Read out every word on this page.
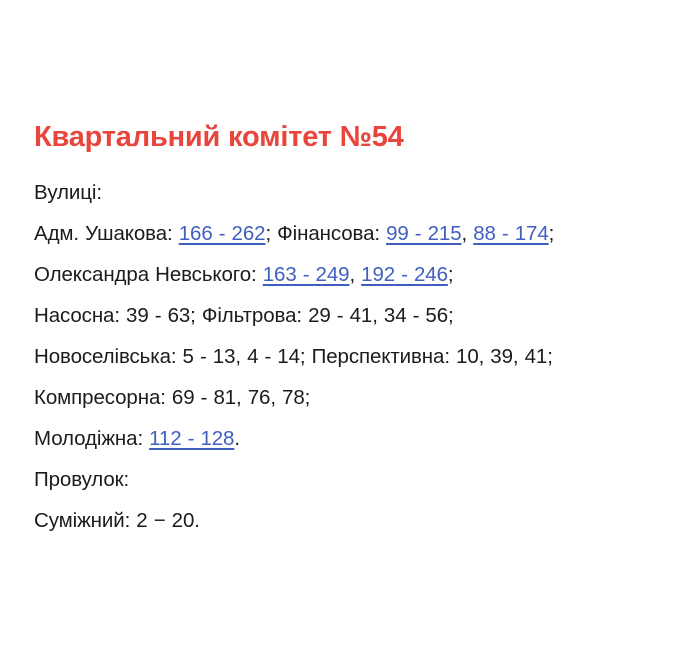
Квартальний комітет №54

Вулиці:

Адм. Ушакова: 166 - 262; Фінансова: 99 - 215, 88 - 174; Олександра Невського: 163 - 249, 192 - 246;

Насосна: 39 - 63; Фільтрова: 29 - 41, 34 - 56;

Новоселівська: 5 - 13, 4 - 14; Перспективна: 10, 39, 41; Компресорна: 69 - 81, 76, 78;

Молодіжна: 112 - 128.

Провулок:

Суміжний: 2 − 20.
